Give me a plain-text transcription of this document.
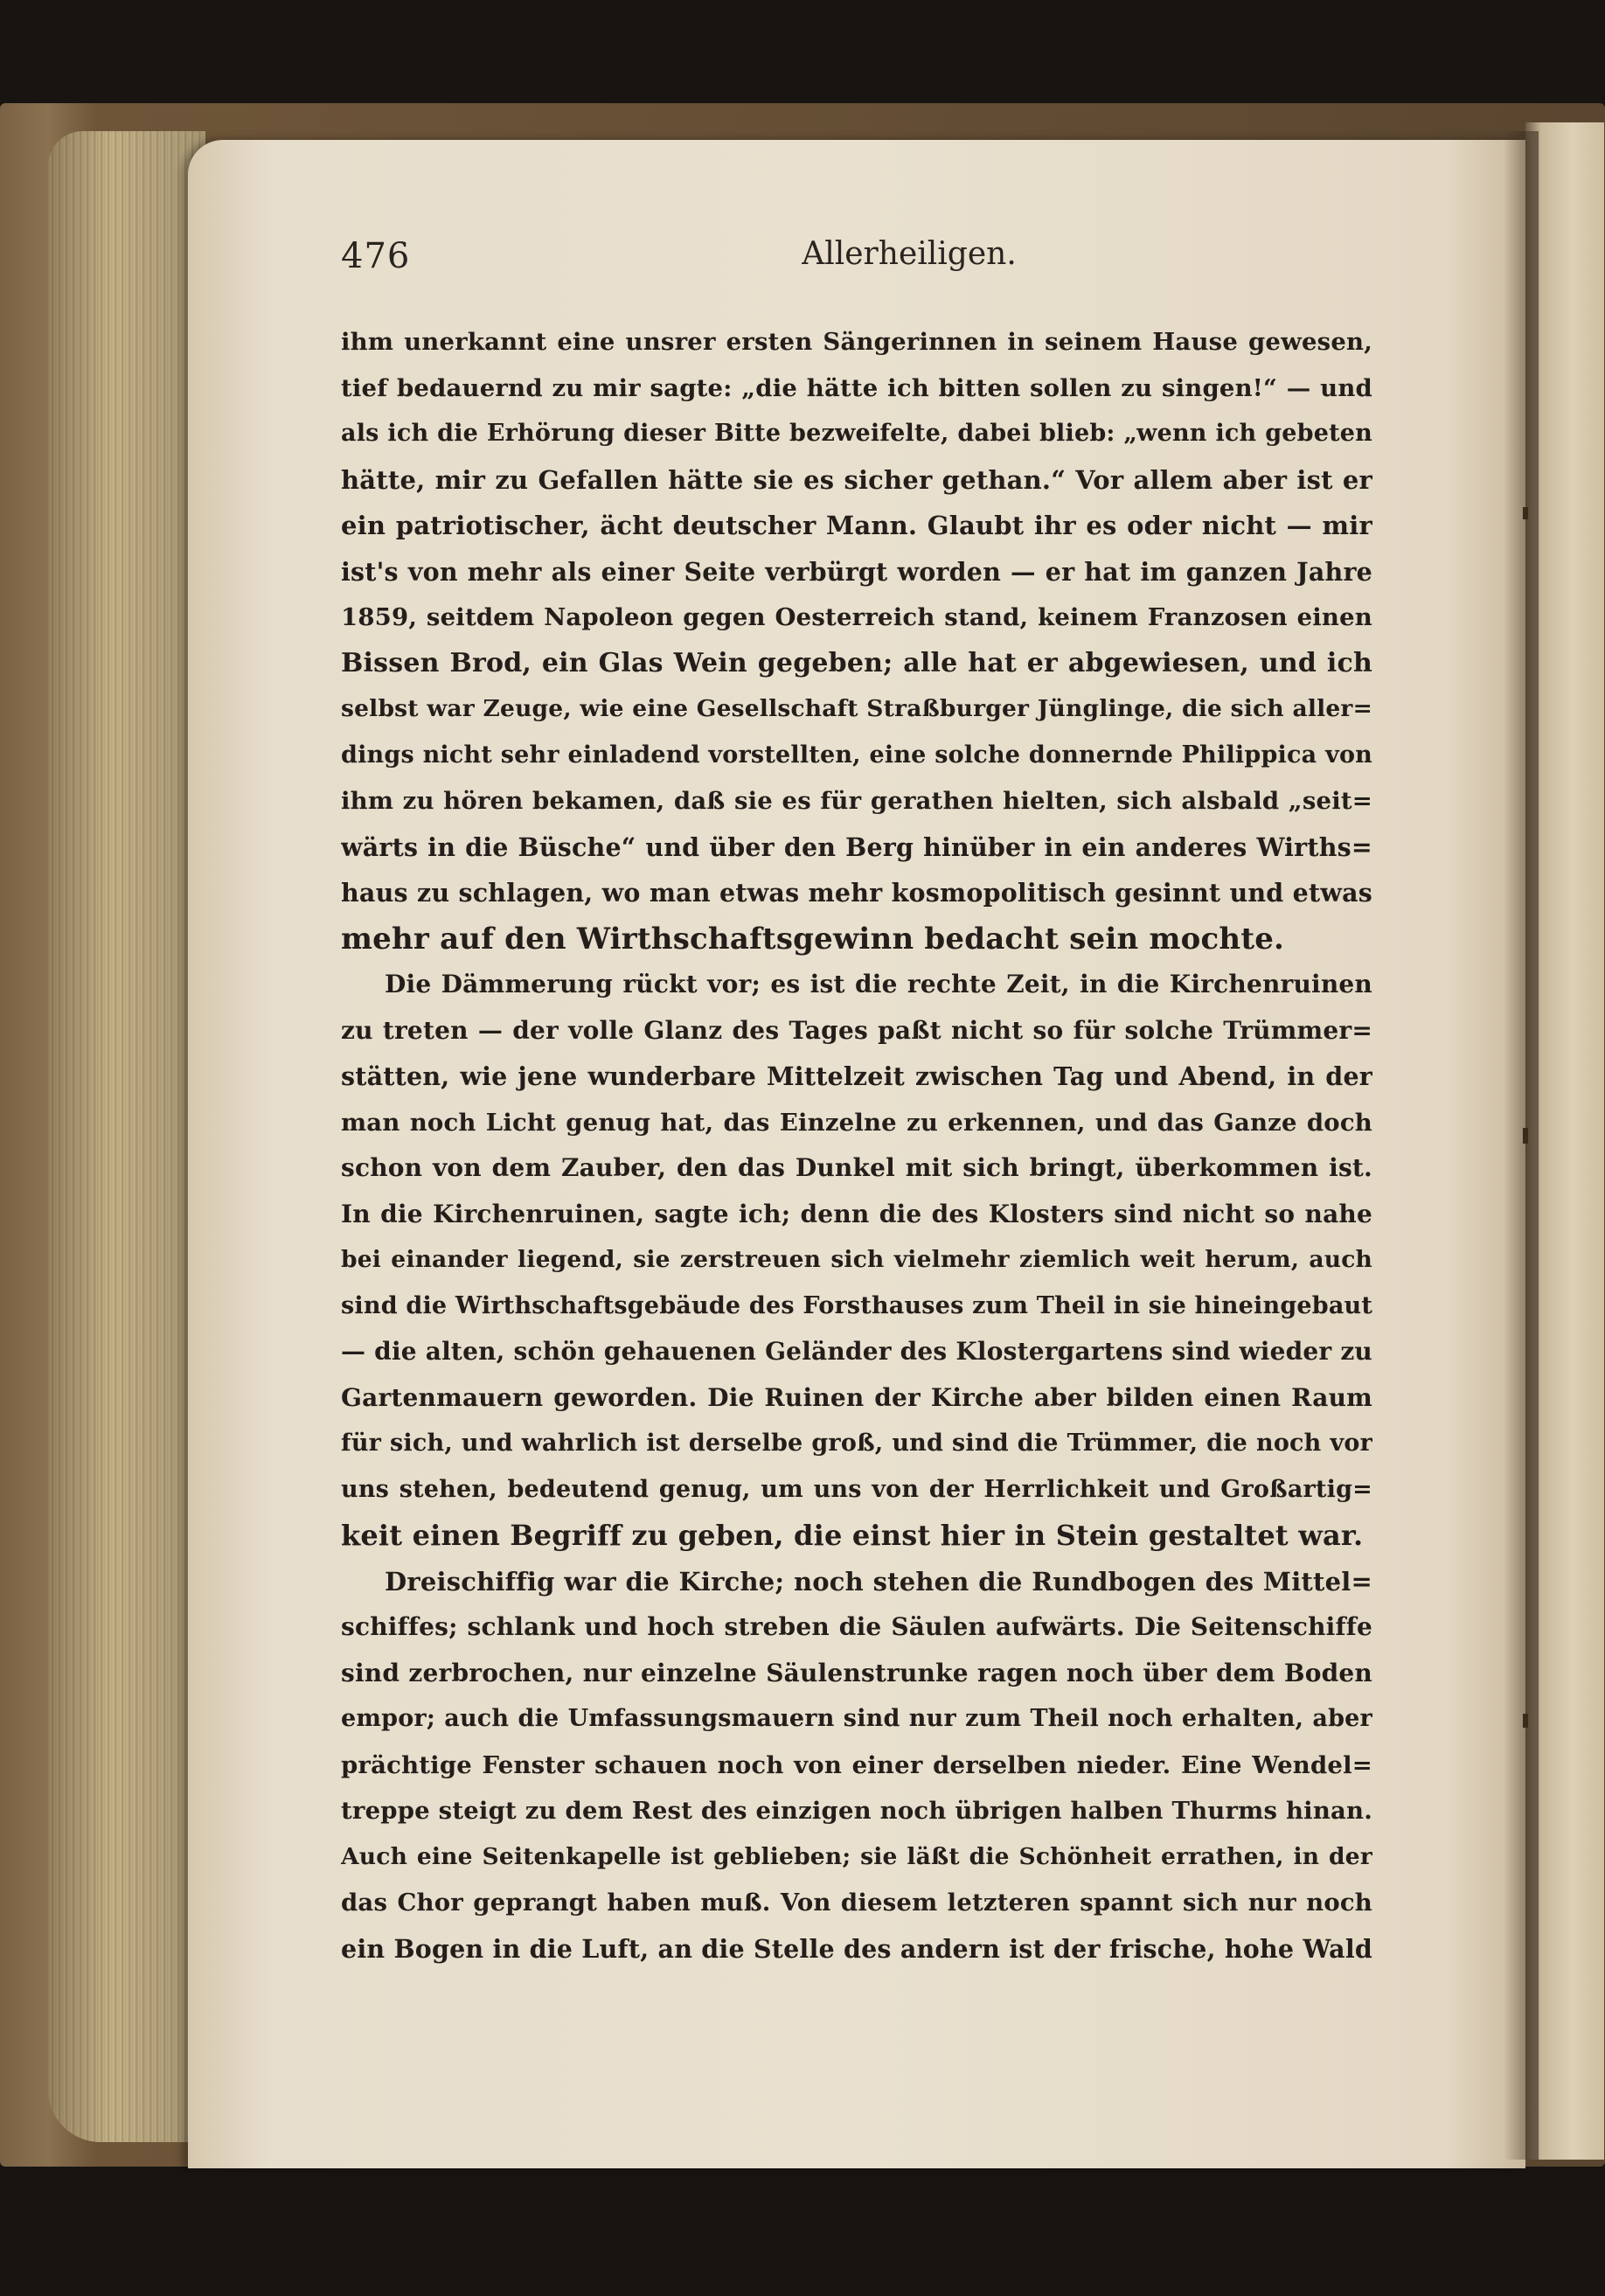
476	Allerheiligen.
ihm unerkannt eine unsrer ersten Sängerinnen in seinem Hause gewesen,
tief bedauernd zu mir sagte: „die hätte ich bitten sollen zu singen!“ — und
als ich die Erhörung dieser Bitte bezweifelte, dabei blieb: „wenn ich gebeten
hätte, mir zu Gefallen hätte sie es sicher gethan.“ Vor allem aber ist er
ein patriotischer, ächt deutscher Mann. Glaubt ihr es oder nicht — mir
ist's von mehr als einer Seite verbürgt worden — er hat im ganzen Jahre
1859, seitdem Napoleon gegen Oesterreich stand, keinem Franzosen einen
Bissen Brod, ein Glas Wein gegeben; alle hat er abgewiesen, und ich
selbst war Zeuge, wie eine Gesellschaft Straßburger Jünglinge, die sich aller=
dings nicht sehr einladend vorstellten, eine solche donnernde Philippica von
ihm zu hören bekamen, daß sie es für gerathen hielten, sich alsbald „seit=
wärts in die Büsche“ und über den Berg hinüber in ein anderes Wirths=
haus zu schlagen, wo man etwas mehr kosmopolitisch gesinnt und etwas
mehr auf den Wirthschaftsgewinn bedacht sein mochte.
Die Dämmerung rückt vor; es ist die rechte Zeit, in die Kirchenruinen
zu treten — der volle Glanz des Tages paßt nicht so für solche Trümmer=
stätten, wie jene wunderbare Mittelzeit zwischen Tag und Abend, in der
man noch Licht genug hat, das Einzelne zu erkennen, und das Ganze doch
schon von dem Zauber, den das Dunkel mit sich bringt, überkommen ist.
In die Kirchenruinen, sagte ich; denn die des Klosters sind nicht so nahe
bei einander liegend, sie zerstreuen sich vielmehr ziemlich weit herum, auch
sind die Wirthschaftsgebäude des Forsthauses zum Theil in sie hineingebaut
— die alten, schön gehauenen Geländer des Klostergartens sind wieder zu
Gartenmauern geworden. Die Ruinen der Kirche aber bilden einen Raum
für sich, und wahrlich ist derselbe groß, und sind die Trümmer, die noch vor
uns stehen, bedeutend genug, um uns von der Herrlichkeit und Großartig=
keit einen Begriff zu geben, die einst hier in Stein gestaltet war.
Dreischiffig war die Kirche; noch stehen die Rundbogen des Mittel=
schiffes; schlank und hoch streben die Säulen aufwärts. Die Seitenschiffe
sind zerbrochen, nur einzelne Säulenstrunke ragen noch über dem Boden
empor; auch die Umfassungsmauern sind nur zum Theil noch erhalten, aber
prächtige Fenster schauen noch von einer derselben nieder. Eine Wendel=
treppe steigt zu dem Rest des einzigen noch übrigen halben Thurms hinan.
Auch eine Seitenkapelle ist geblieben; sie läßt die Schönheit errathen, in der
das Chor geprangt haben muß. Von diesem letzteren spannt sich nur noch
ein Bogen in die Luft, an die Stelle des andern ist der frische, hohe Wald
